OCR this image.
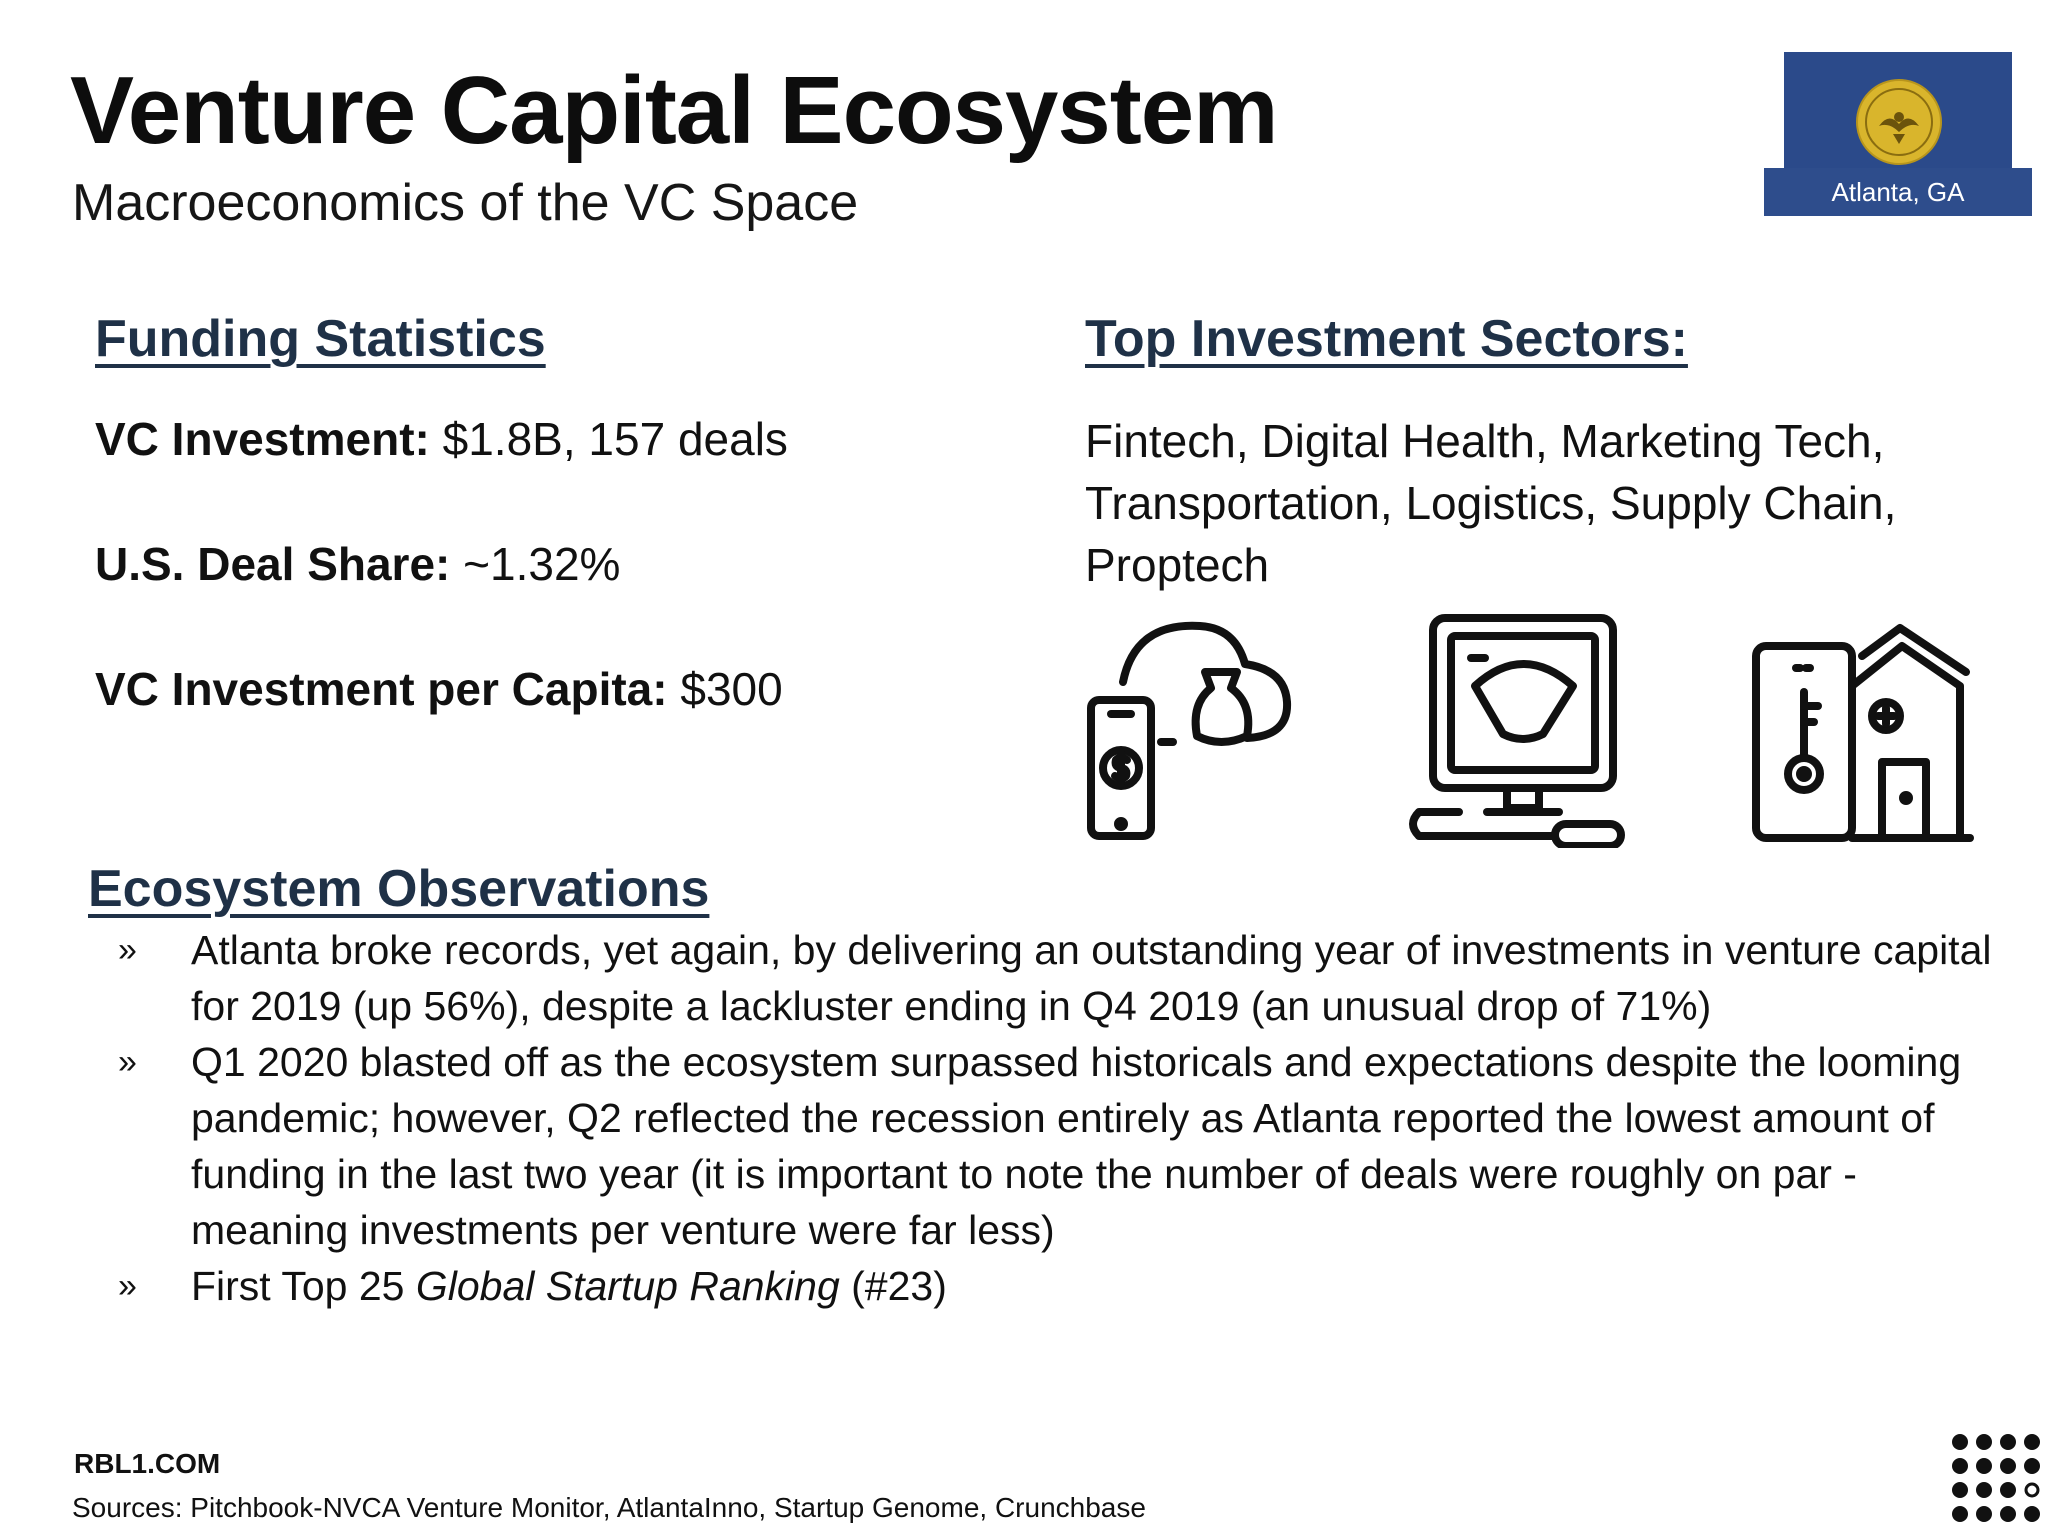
Venture Capital Ecosystem
Macroeconomics of the VC Space	Atlanta, GA
Funding Statistics
VC Investment: $1.8B, 157 deals
U.S. Deal Share: ~1.32%
VC Investment per Capita: $300
Top Investment Sectors:
Fintech, Digital Health, Marketing Tech, Transportation, Logistics, Supply Chain, Proptech
Ecosystem Observations
» Atlanta broke records, yet again, by delivering an outstanding year of investments in venture capital for 2019 (up 56%), despite a lackluster ending in Q4 2019 (an unusual drop of 71%)
» Q1 2020 blasted off as the ecosystem surpassed historicals and expectations despite the looming pandemic; however, Q2 reflected the recession entirely as Atlanta reported the lowest amount of funding in the last two year (it is important to note the number of deals were roughly on par - meaning investments per venture were far less)
» First Top 25 Global Startup Ranking (#23)
RBL1.COM
Sources: Pitchbook-NVCA Venture Monitor, AtlantaInno, Startup Genome, Crunchbase
